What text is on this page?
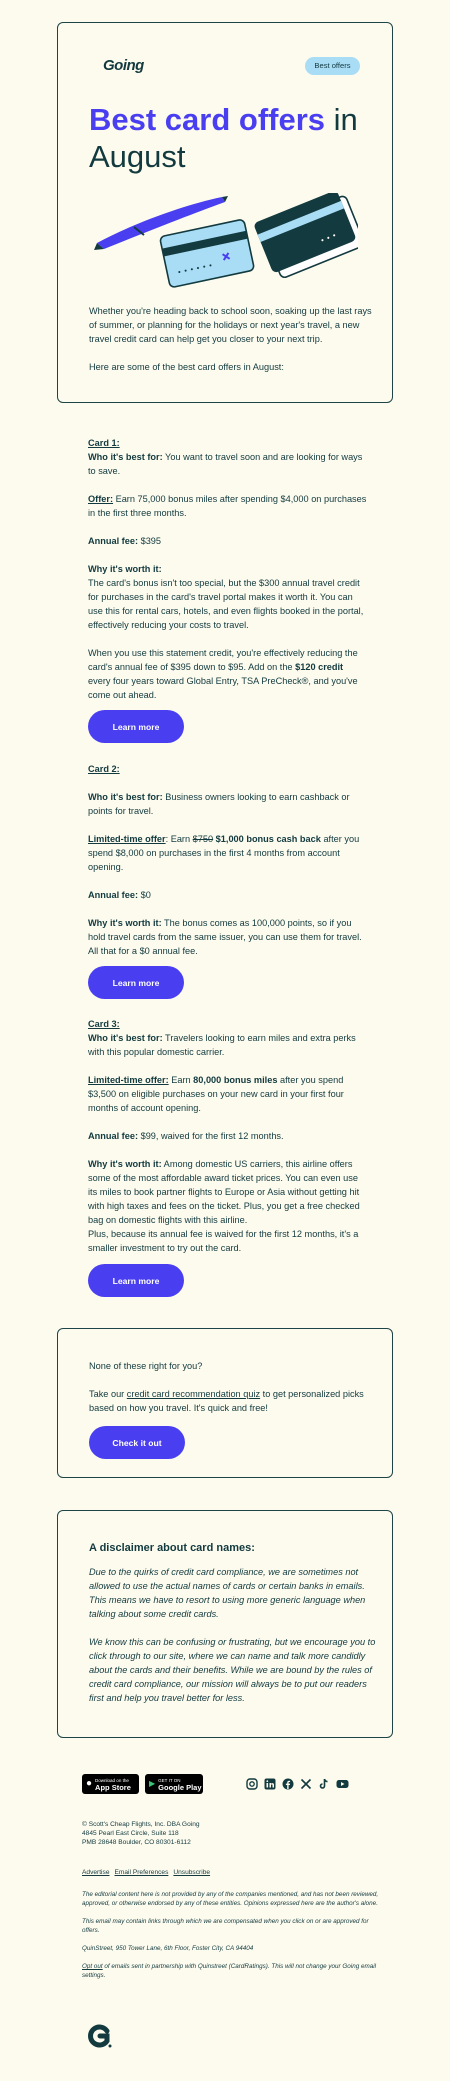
Going	Best offers
Best card offers in
August
• • • • • •
• • •

Whether you're heading back to school soon, soaking up the last rays of summer, or planning for the holidays or next year's travel, a new travel credit card can help get you closer to your next trip.

Here are some of the best card offers in August:

Card 1:

Who it's best for: You want to travel soon and are looking for ways to save.

Offer: Earn 75,000 bonus miles after spending $4,000 on purchases in the first three months.

Annual fee: $395

Why it's worth it:

The card's bonus isn't too special, but the $300 annual travel credit for purchases in the card's travel portal makes it worth it. You can use this for rental cars, hotels, and even flights booked in the portal, effectively reducing your costs to travel.

When you use this statement credit, you're effectively reducing the card's annual fee of $395 down to $95. Add on the $120 credit every four years toward Global Entry, TSA PreCheck®, and you've come out ahead.

Learn more

Card 2:

Who it's best for: Business owners looking to earn cashback or points for travel.

Limited-time offer: Earn $750 $1,000 bonus cash back after you spend $8,000 on purchases in the first 4 months from account opening.

Annual fee: $0

Why it's worth it: The bonus comes as 100,000 points, so if you hold travel cards from the same issuer, you can use them for travel. All that for a $0 annual fee.

Learn more

Card 3:

Who it's best for: Travelers looking to earn miles and extra perks with this popular domestic carrier.

Limited-time offer: Earn 80,000 bonus miles after you spend $3,500 on eligible purchases on your new card in your first four months of account opening.

Annual fee: $99, waived for the first 12 months.

Why it's worth it: Among domestic US carriers, this airline offers some of the most affordable award ticket prices. You can even use its miles to book partner flights to Europe or Asia without getting hit with high taxes and fees on the ticket. Plus, you get a free checked bag on domestic flights with this airline.

Plus, because its annual fee is waived for the first 12 months, it's a smaller investment to try out the card.

Learn more

None of these right for you?

Take our credit card recommendation quiz to get personalized picks based on how you travel. It's quick and free!

Check it out

A disclaimer about card names:

Due to the quirks of credit card compliance, we are sometimes not allowed to use the actual names of cards or certain banks in emails. This means we have to resort to using more generic language when talking about some credit cards.

We know this can be confusing or frustrating, but we encourage you to click through to our site, where we can name and talk more candidly about the cards and their benefits. While we are bound by the rules of credit card compliance, our mission will always be to put our readers first and help you travel better for less.

● Download on the
App Store ▶ GET IT ON
Google Play

© Scott's Cheap Flights, Inc. DBA Going

4845 Pearl East Circle, Suite 118

PMB 28648 Boulder, CO 80301-6112

Advertise Email Preferences Unsubscribe

The editorial content here is not provided by any of the companies mentioned, and has not been reviewed, approved, or otherwise endorsed by any of these entities. Opinions expressed here are the author's alone.

This email may contain links through which we are compensated when you click on or are approved for offers.

QuinStreet, 950 Tower Lane, 6th Floor, Foster City, CA 94404

Opt out of emails sent in partnership with Quinstreet (CardRatings). This will not change your Going email settings.
